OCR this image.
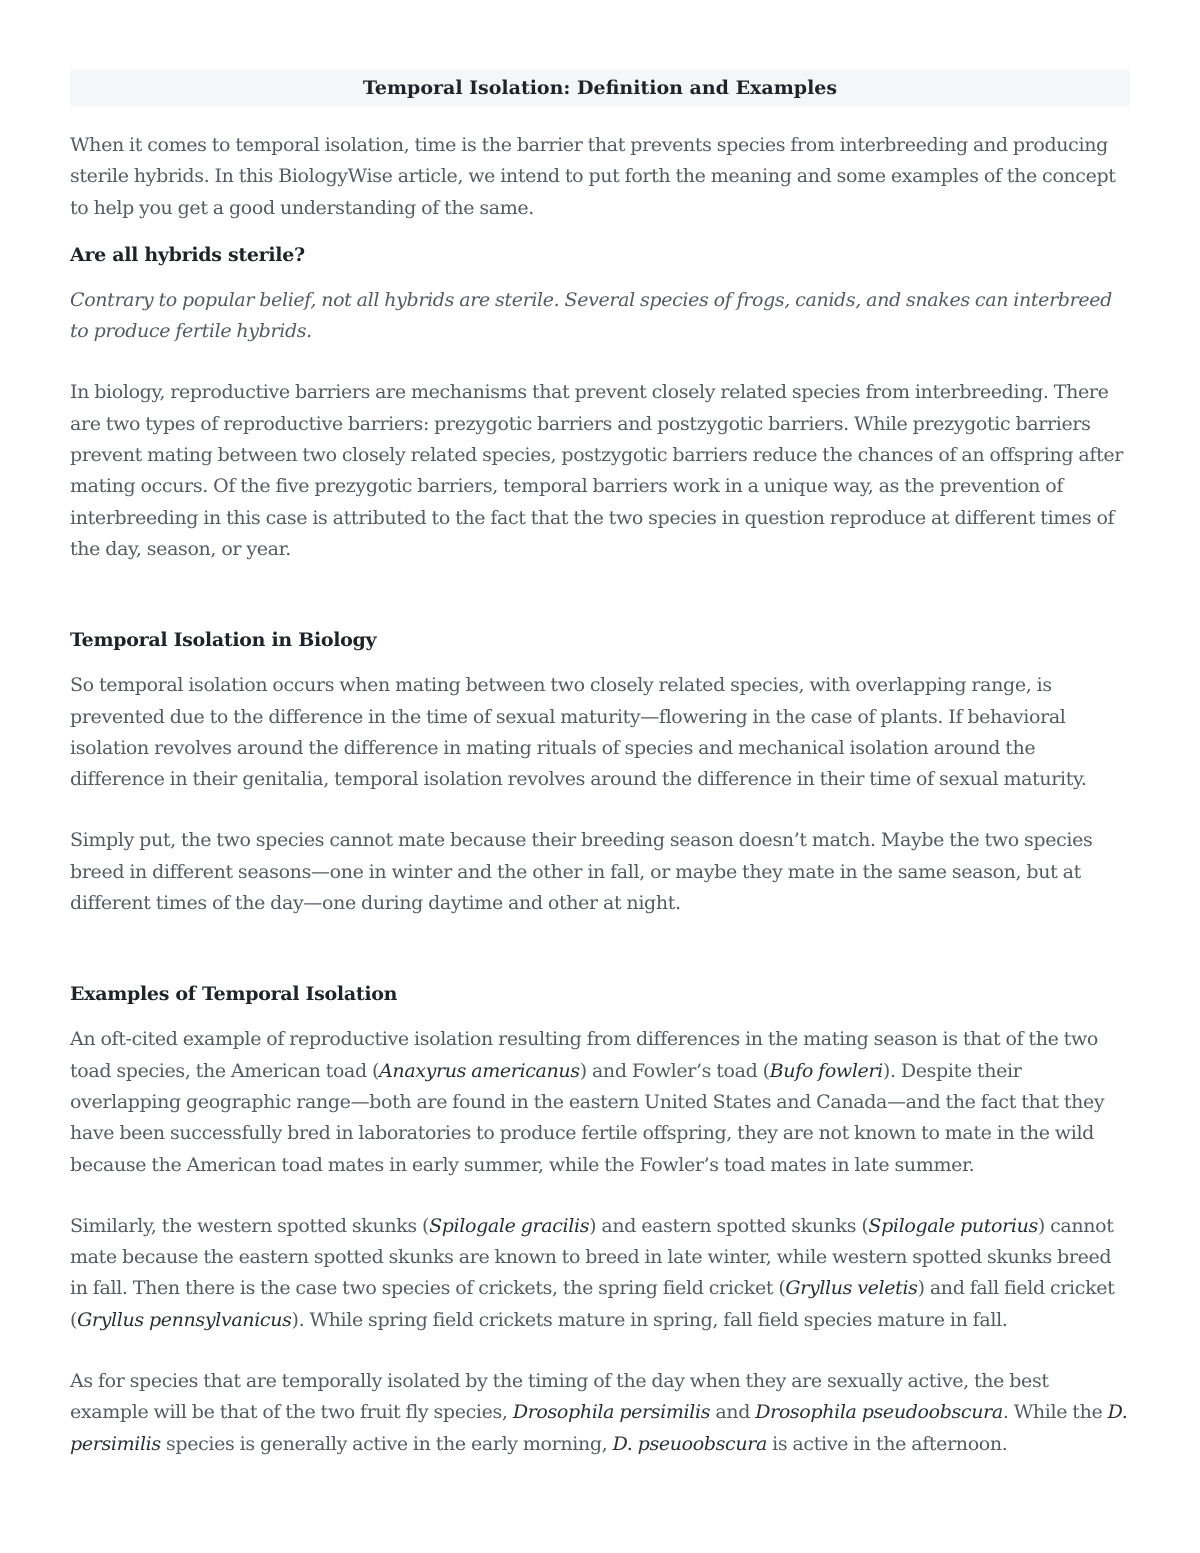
Temporal Isolation: Definition and Examples

When it comes to temporal isolation, time is the barrier that prevents species from interbreeding and producing sterile hybrids. In this BiologyWise article, we intend to put forth the meaning and some examples of the concept to help you get a good understanding of the same.

Are all hybrids sterile?

Contrary to popular belief, not all hybrids are sterile. Several species of frogs, canids, and snakes can interbreed to produce fertile hybrids.

In biology, reproductive barriers are mechanisms that prevent closely related species from interbreeding. There are two types of reproductive barriers: prezygotic barriers and postzygotic barriers. While prezygotic barriers prevent mating between two closely related species, postzygotic barriers reduce the chances of an offspring after mating occurs. Of the five prezygotic barriers, temporal barriers work in a unique way, as the prevention of interbreeding in this case is attributed to the fact that the two species in question reproduce at different times of the day, season, or year.

Temporal Isolation in Biology

So temporal isolation occurs when mating between two closely related species, with overlapping range, is prevented due to the difference in the time of sexual maturity—flowering in the case of plants. If behavioral isolation revolves around the difference in mating rituals of species and mechanical isolation around the difference in their genitalia, temporal isolation revolves around the difference in their time of sexual maturity.

Simply put, the two species cannot mate because their breeding season doesn’t match. Maybe the two species breed in different seasons—one in winter and the other in fall, or maybe they mate in the same season, but at different times of the day—one during daytime and other at night.

Examples of Temporal Isolation

An oft-cited example of reproductive isolation resulting from differences in the mating season is that of the two toad species, the American toad (Anaxyrus americanus) and Fowler’s toad (Bufo fowleri). Despite their overlapping geographic range—both are found in the eastern United States and Canada—and the fact that they have been successfully bred in laboratories to produce fertile offspring, they are not known to mate in the wild because the American toad mates in early summer, while the Fowler’s toad mates in late summer.

Similarly, the western spotted skunks (Spilogale gracilis) and eastern spotted skunks (Spilogale putorius) cannot mate because the eastern spotted skunks are known to breed in late winter, while western spotted skunks breed in fall. Then there is the case two species of crickets, the spring field cricket (Gryllus veletis) and fall field cricket (Gryllus pennsylvanicus). While spring field crickets mature in spring, fall field species mature in fall.

As for species that are temporally isolated by the timing of the day when they are sexually active, the best example will be that of the two fruit fly species, Drosophila persimilis and Drosophila pseudoobscura. While the D. persimilis species is generally active in the early morning, D. pseuoobscura is active in the afternoon.
